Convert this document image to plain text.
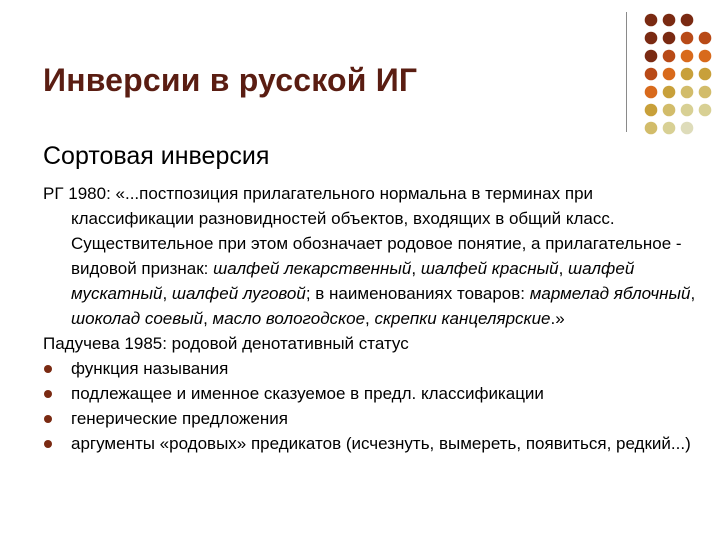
Инверсии в русской ИГ
Сортовая инверсия

РГ 1980: «...постпозиция прилагательного нормальна в терминах при классификации разновидностей объектов, входящих в общий класс. Существительное при этом обозначает родовое понятие, а прилагательное - видовой признак: шалфей лекарственный, шалфей красный, шалфей мускатный, шалфей луговой; в наименованиях товаров: мармелад яблочный, шоколад соевый, масло вологодское, скрепки канцелярские.»

Падучева 1985: родовой денотативный статус

функция называния

подлежащее и именное сказуемое в предл. классификации

генерические предложения

аргументы «родовых» предикатов (исчезнуть, вымереть, появиться, редкий...)
